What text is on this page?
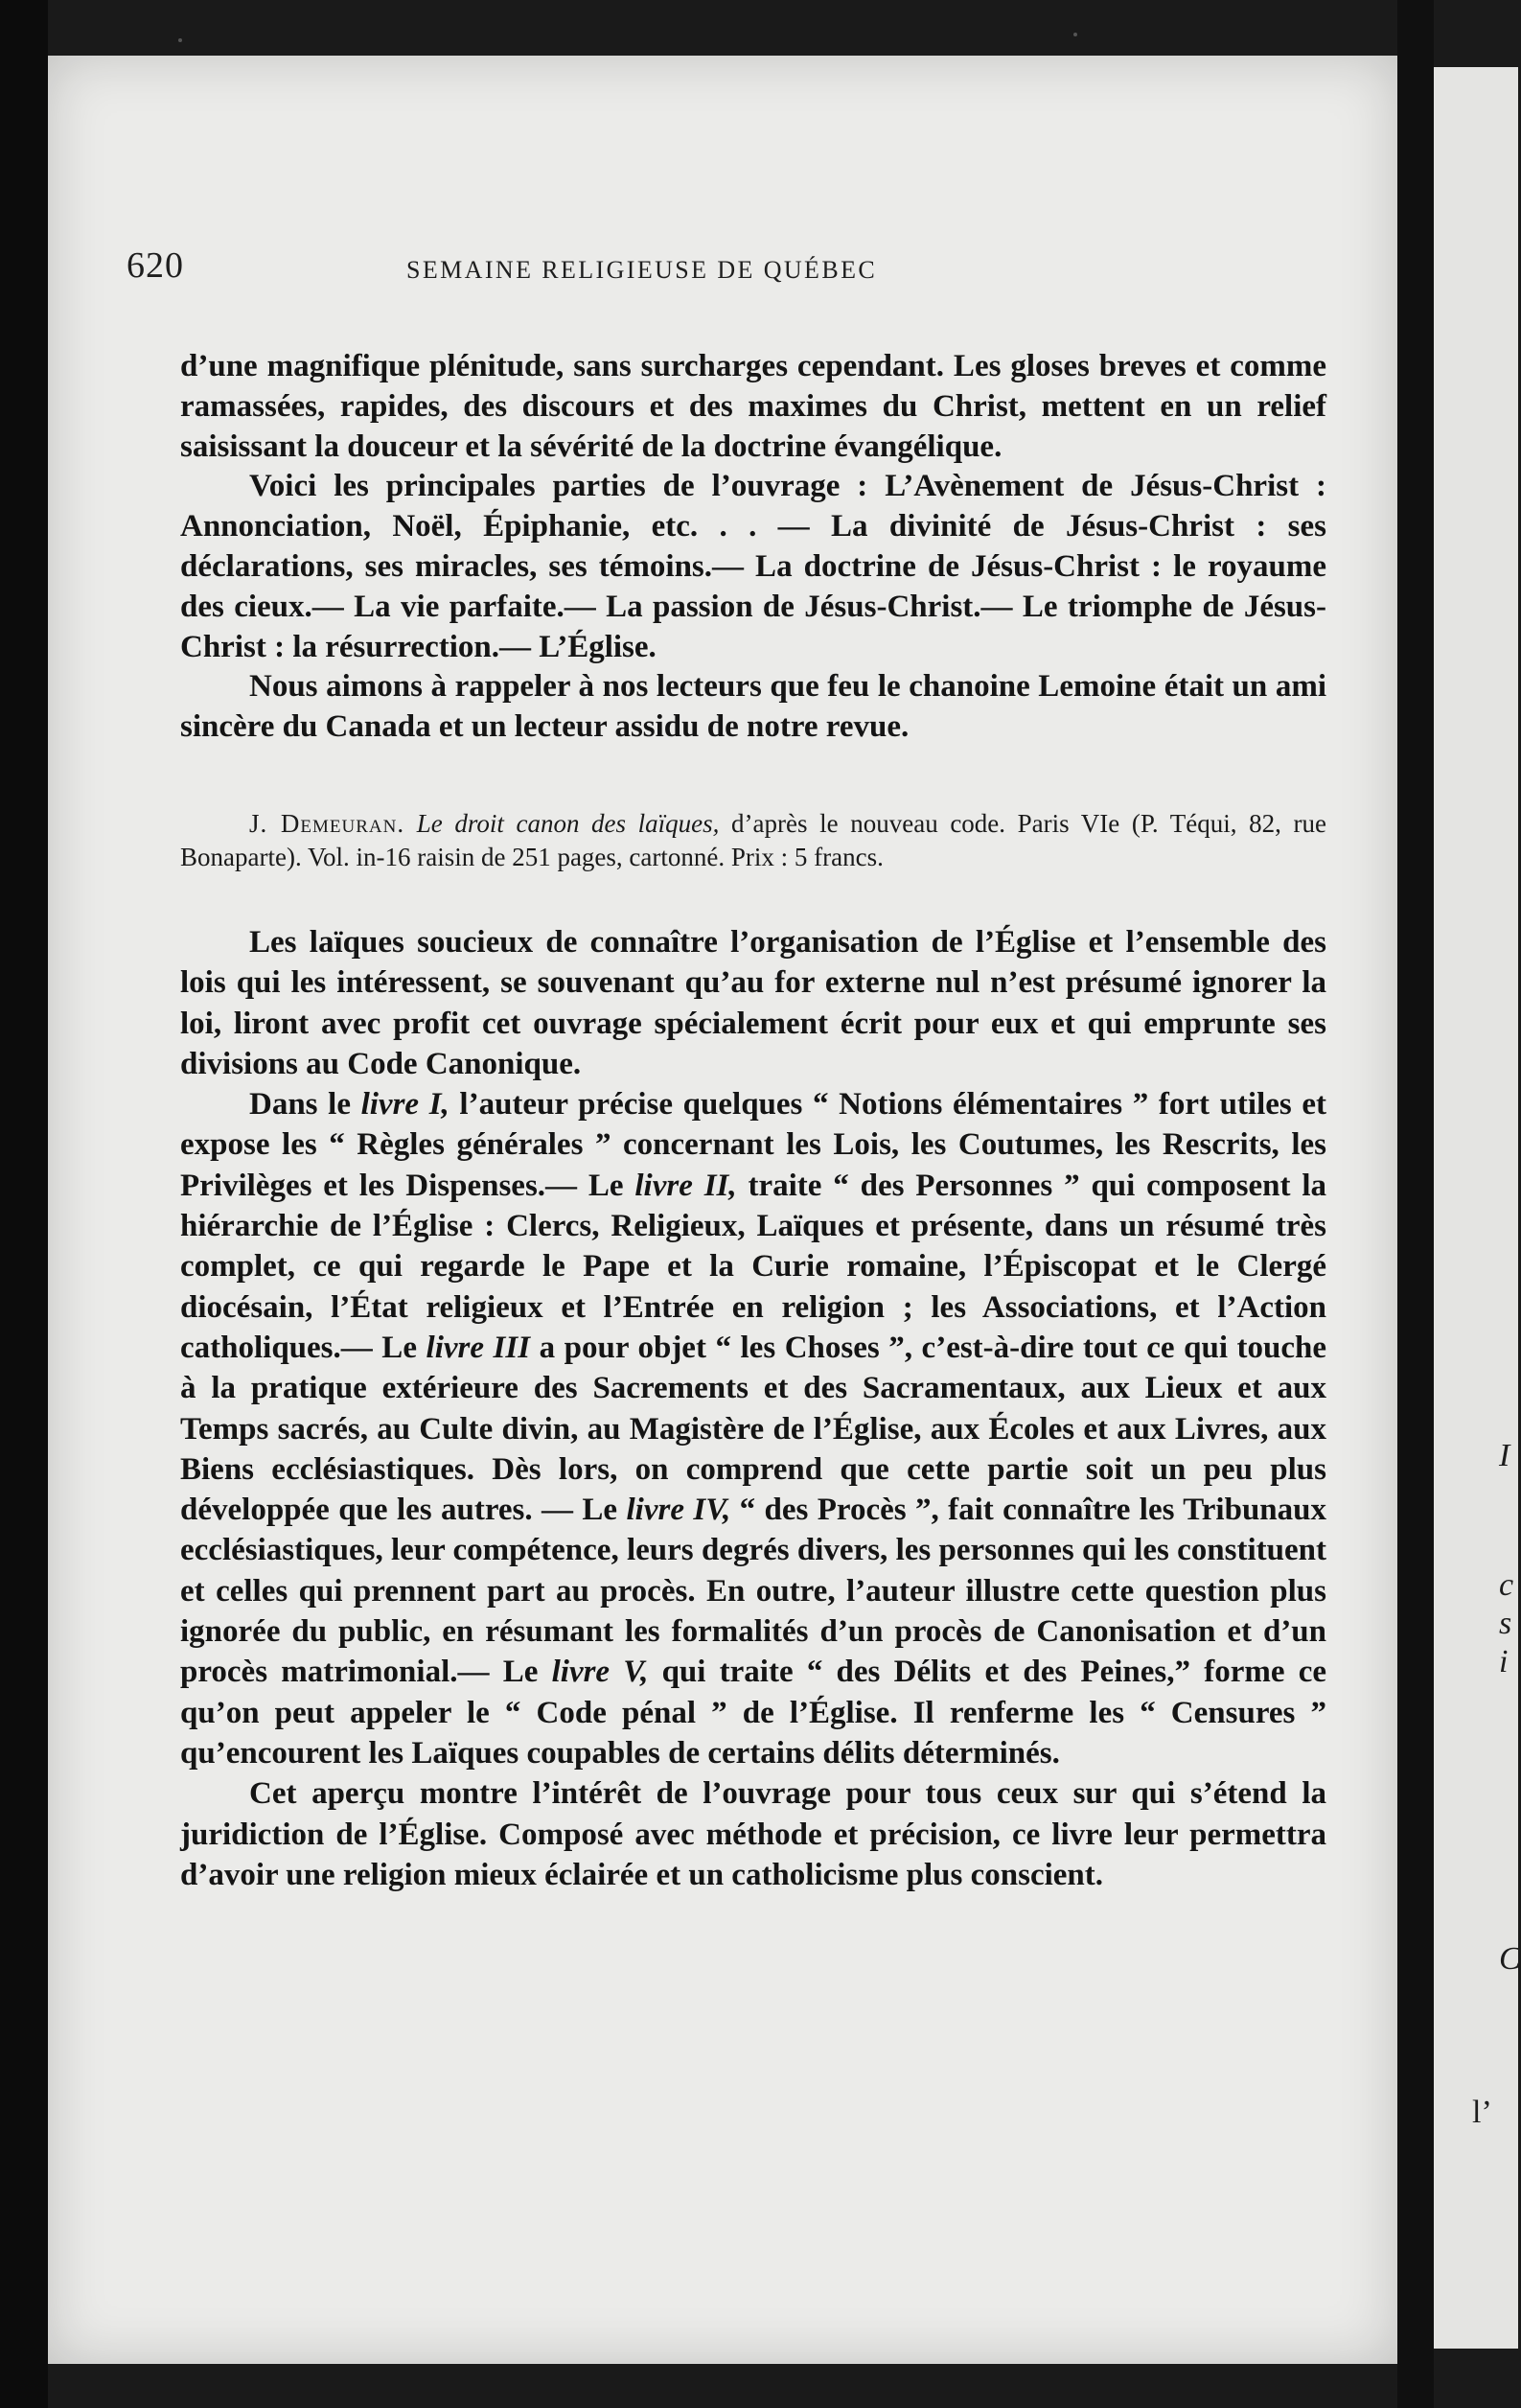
I
c
s
i
C
l’
620	SEMAINE RELIGIEUSE DE QUÉBEC

d’une magnifique plénitude, sans surcharges cependant. Les gloses breves et comme ramassées, rapides, des discours et des maximes du Christ, mettent en un relief saisissant la douceur et la sévérité de la doctrine évangélique.

Voici les principales parties de l’ouvrage : L’Avènement de Jésus-Christ : Annonciation, Noël, Épiphanie, etc. . . — La divinité de Jésus-Christ : ses déclarations, ses miracles, ses témoins.— La doctrine de Jésus-Christ : le royaume des cieux.— La vie parfaite.— La passion de Jésus-Christ.— Le triomphe de Jésus-Christ : la résurrection.— L’Église.

Nous aimons à rappeler à nos lecteurs que feu le chanoine Lemoine était un ami sincère du Canada et un lecteur assidu de notre revue.

J. Demeuran. Le droit canon des laïques, d’après le nouveau code. Paris VIe (P. Téqui, 82, rue Bonaparte). Vol. in-16 raisin de 251 pages, cartonné. Prix : 5 francs.

Les laïques soucieux de connaître l’organisation de l’Église et l’ensemble des lois qui les intéressent, se souvenant qu’au for externe nul n’est présumé ignorer la loi, liront avec profit cet ouvrage spécialement écrit pour eux et qui emprunte ses divisions au Code Canonique.

Dans le livre I, l’auteur précise quelques “ Notions élémentaires ” fort utiles et expose les “ Règles générales ” concernant les Lois, les Coutumes, les Rescrits, les Privilèges et les Dispenses.— Le livre II, traite “ des Personnes ” qui composent la hiérarchie de l’Église : Clercs, Religieux, Laïques et présente, dans un résumé très complet, ce qui regarde le Pape et la Curie romaine, l’Épiscopat et le Clergé diocésain, l’État religieux et l’Entrée en religion ; les Associations, et l’Action catholiques.— Le livre III a pour objet “ les Choses ”, c’est-à-dire tout ce qui touche à la pratique extérieure des Sacrements et des Sacramentaux, aux Lieux et aux Temps sacrés, au Culte divin, au Magistère de l’Église, aux Écoles et aux Livres, aux Biens ecclésiastiques. Dès lors, on comprend que cette partie soit un peu plus développée que les autres. — Le livre IV, “ des Procès ”, fait connaître les Tribunaux ecclésiastiques, leur compétence, leurs degrés divers, les personnes qui les constituent et celles qui prennent part au procès. En outre, l’auteur illustre cette question plus ignorée du public, en résumant les formalités d’un procès de Canonisation et d’un procès matrimonial.— Le livre V, qui traite “ des Délits et des Peines,” forme ce qu’on peut appeler le “ Code pénal ” de l’Église. Il renferme les “ Censures ” qu’encourent les Laïques coupables de certains délits déterminés.

Cet aperçu montre l’intérêt de l’ouvrage pour tous ceux sur qui s’étend la juridiction de l’Église. Composé avec méthode et précision, ce livre leur permettra d’avoir une religion mieux éclairée et un catholicisme plus conscient.
